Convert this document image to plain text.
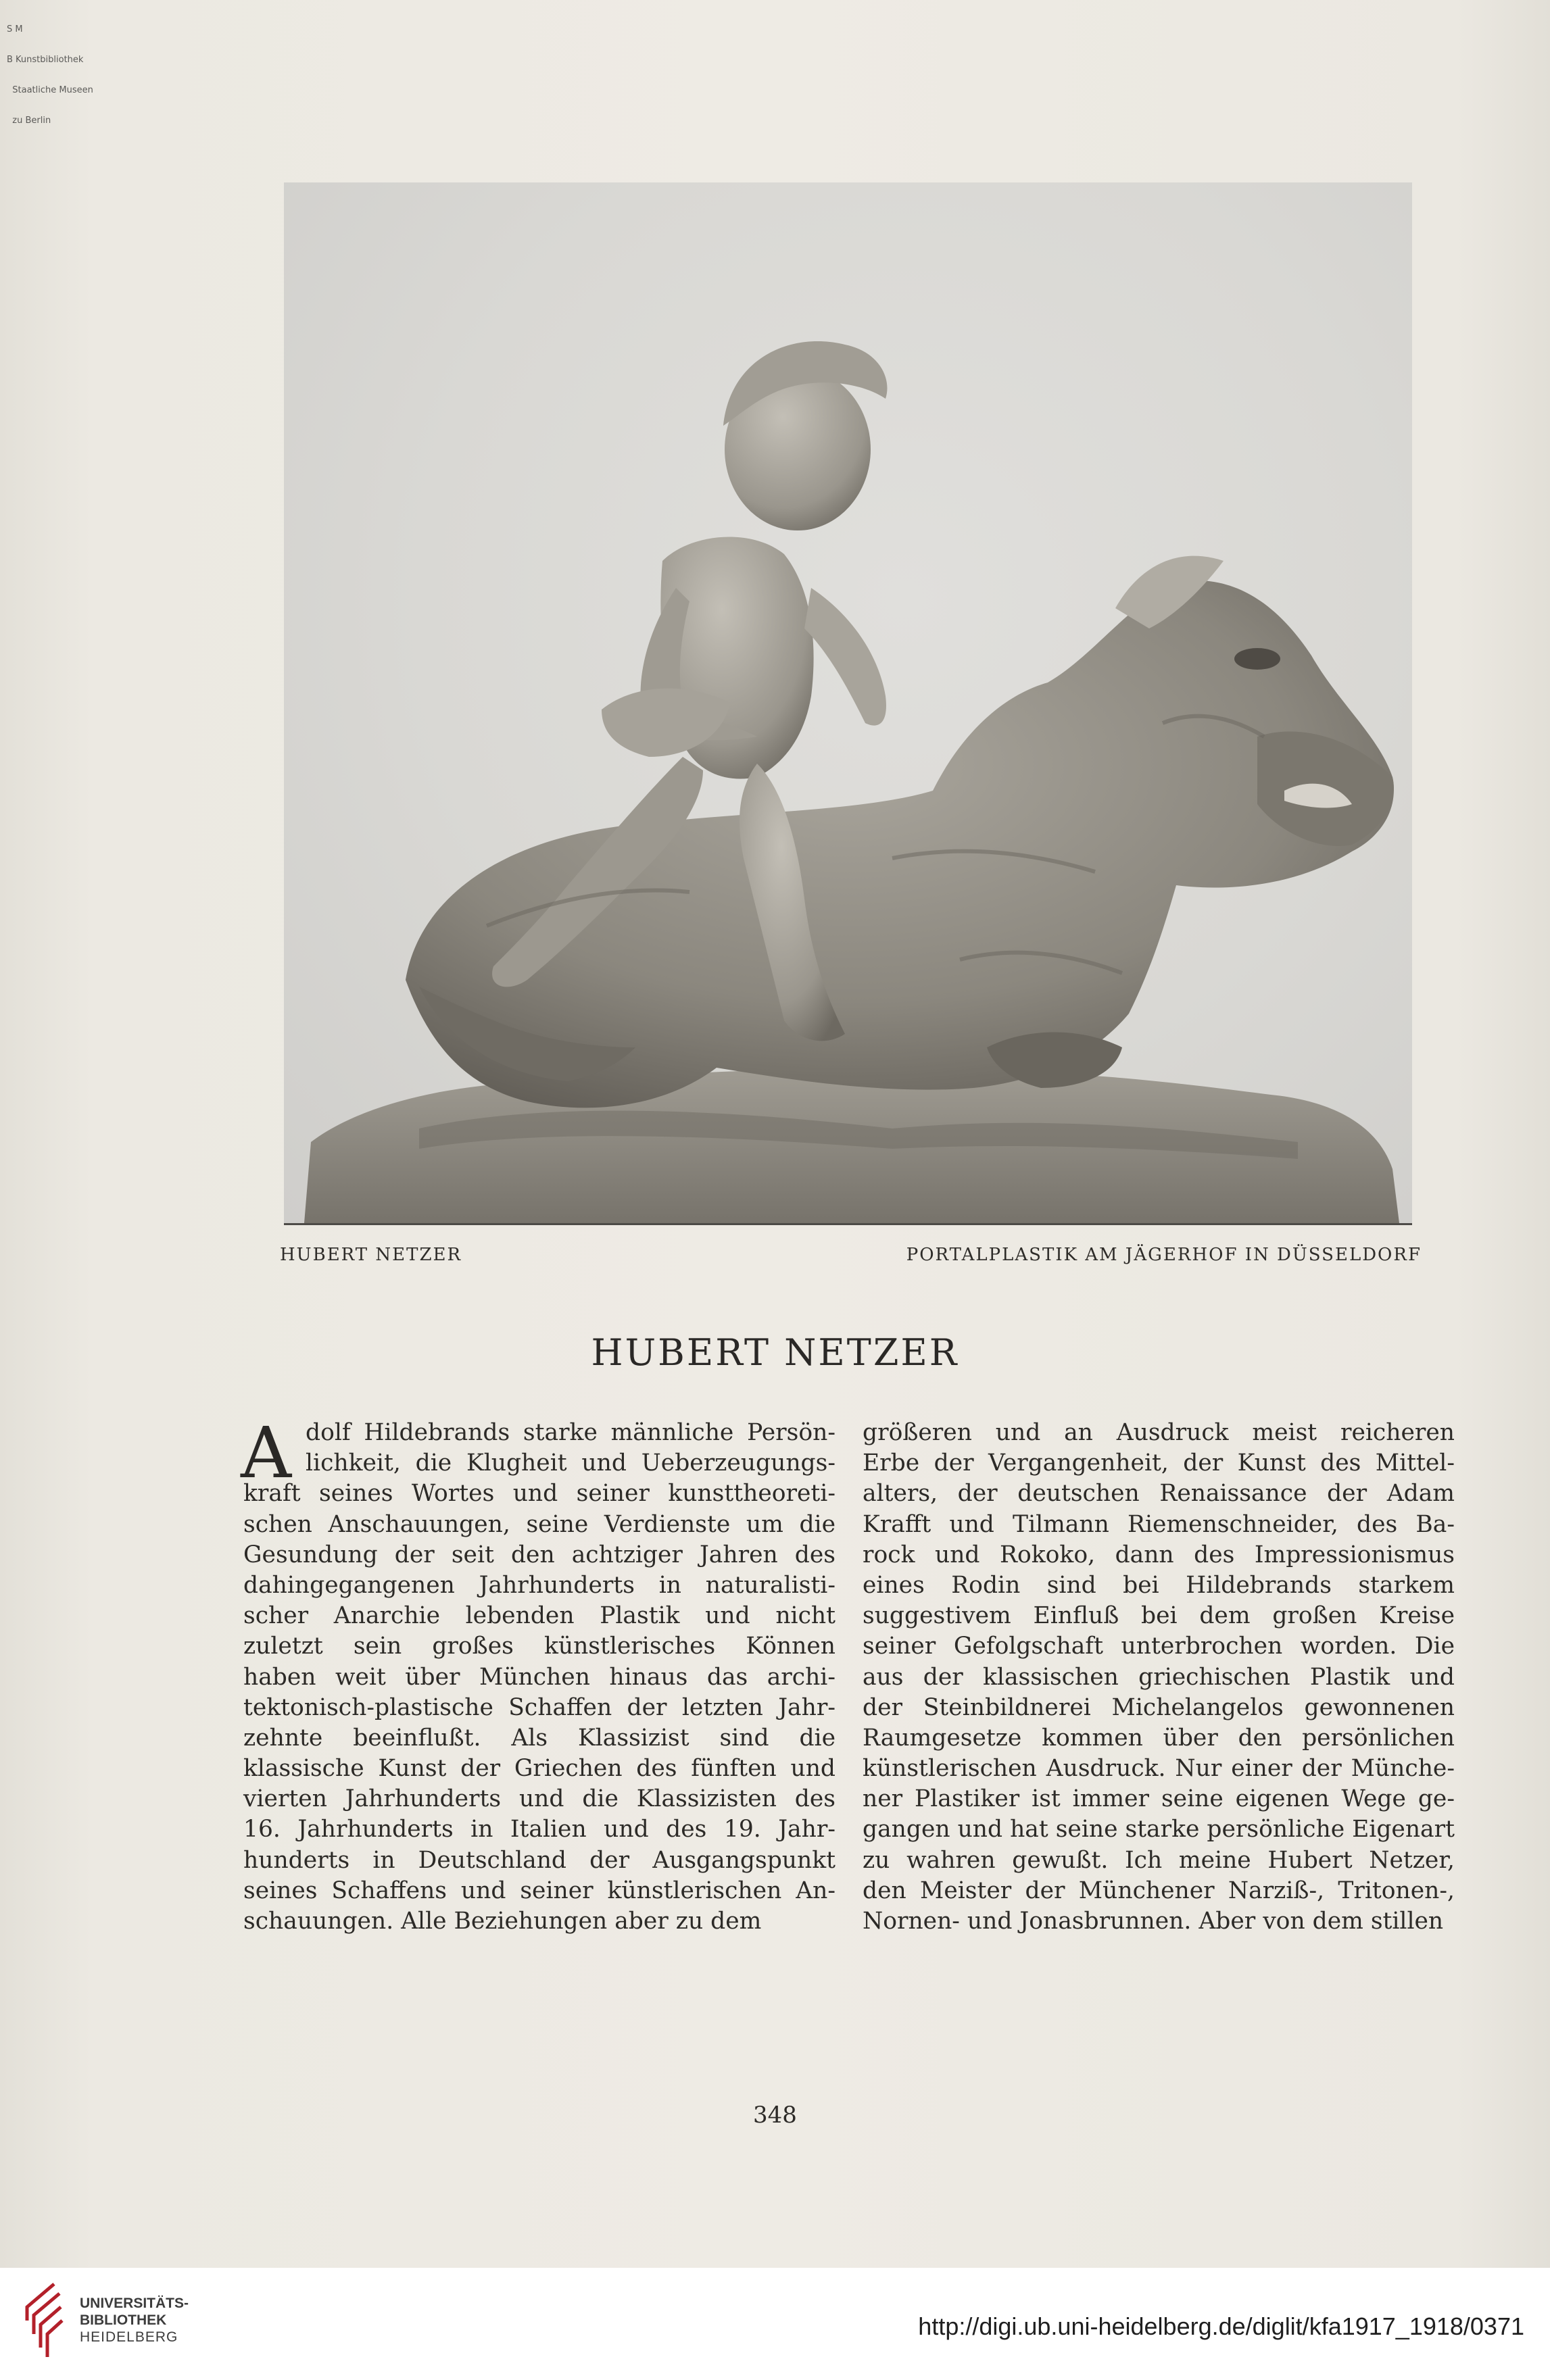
S M

B Kunstbibliothek

Staatliche Museen

zu Berlin

HUBERT NETZER	PORTALPLASTIK AM JÄGERHOF IN DÜSSELDORF
HUBERT NETZER
A dolf Hildebrands starke männliche Persön-
lichkeit, die Klugheit und Ueberzeugungs-
kraft seines Wortes und seiner kunsttheoreti-
schen Anschauungen, seine Verdienste um die
Gesundung der seit den achtziger Jahren des
dahingegangenen Jahrhunderts in naturalisti-
scher Anarchie lebenden Plastik und nicht
zuletzt sein großes künstlerisches Können
haben weit über München hinaus das archi-
tektonisch-plastische Schaffen der letzten Jahr-
zehnte beeinflußt. Als Klassizist sind die
klassische Kunst der Griechen des fünften und
vierten Jahrhunderts und die Klassizisten des
16. Jahrhunderts in Italien und des 19. Jahr-
hunderts in Deutschland der Ausgangspunkt
seines Schaffens und seiner künstlerischen An-
schauungen. Alle Beziehungen aber zu dem
größeren und an Ausdruck meist reicheren
Erbe der Vergangenheit, der Kunst des Mittel-
alters, der deutschen Renaissance der Adam
Krafft und Tilmann Riemenschneider, des Ba-
rock und Rokoko, dann des Impressionismus
eines Rodin sind bei Hildebrands starkem
suggestivem Einfluß bei dem großen Kreise
seiner Gefolgschaft unterbrochen worden. Die
aus der klassischen griechischen Plastik und
der Steinbildnerei Michelangelos gewonnenen
Raumgesetze kommen über den persönlichen
künstlerischen Ausdruck. Nur einer der Münche-
ner Plastiker ist immer seine eigenen Wege ge-
gangen und hat seine starke persönliche Eigenart
zu wahren gewußt. Ich meine Hubert Netzer,
den Meister der Münchener Narziß-, Tritonen-,
Nornen- und Jonasbrunnen. Aber von dem stillen
348
UNIVERSITÄTS-
BIBLIOTHEK
HEIDELBERG	http://digi.ub.uni-heidelberg.de/diglit/kfa1917_1918/0371
